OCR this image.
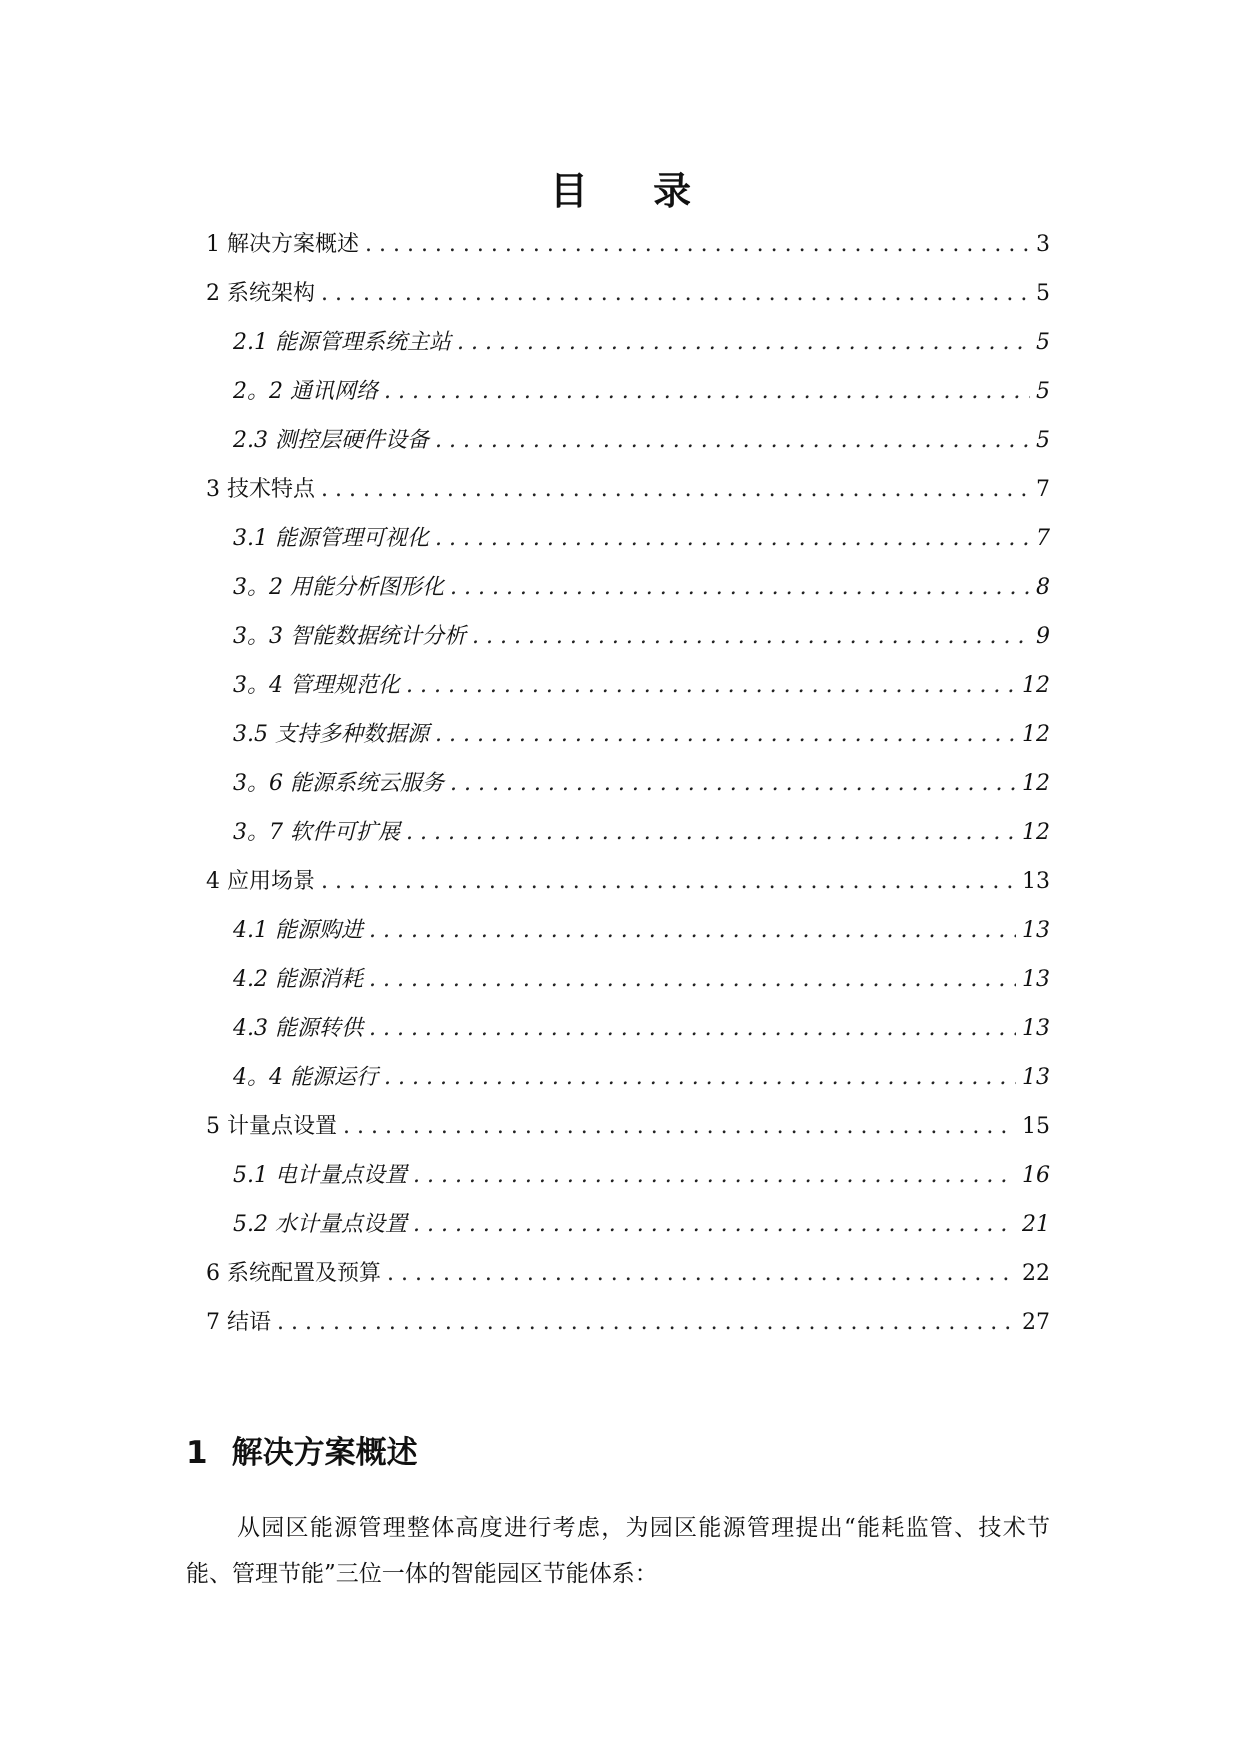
目 录
1 解决方案概述 . . .	3
2 系统架构 . . .	5
2.1 能源管理系统主站 . . .	5
2。2 通讯网络 . . .	5
2.3 测控层硬件设备 . . .	5
3 技术特点 . . .	7
3.1 能源管理可视化 . . .	7
3。2 用能分析图形化 . . .	8
3。3 智能数据统计分析 . . .	9
3。4 管理规范化 . . .	12
3.5 支持多种数据源 . . .	12
3。6 能源系统云服务 . . .	12
3。7 软件可扩展 . . .	12
4 应用场景 . . .	13
4.1 能源购进 . . .	13
4.2 能源消耗 . . .	13
4.3 能源转供 . . .	13
4。4 能源运行 . . .	13
5 计量点设置 . . .	15
5.1 电计量点设置 . . .	16
5.2 水计量点设置 . . .	21
6 系统配置及预算 . . .	22
7 结语 . . .	27
1 解决方案概述
从园区能源管理整体高度进行考虑，为园区能源管理提出“能耗监管、技术节能、管理节能”三位一体的智能园区节能体系：
